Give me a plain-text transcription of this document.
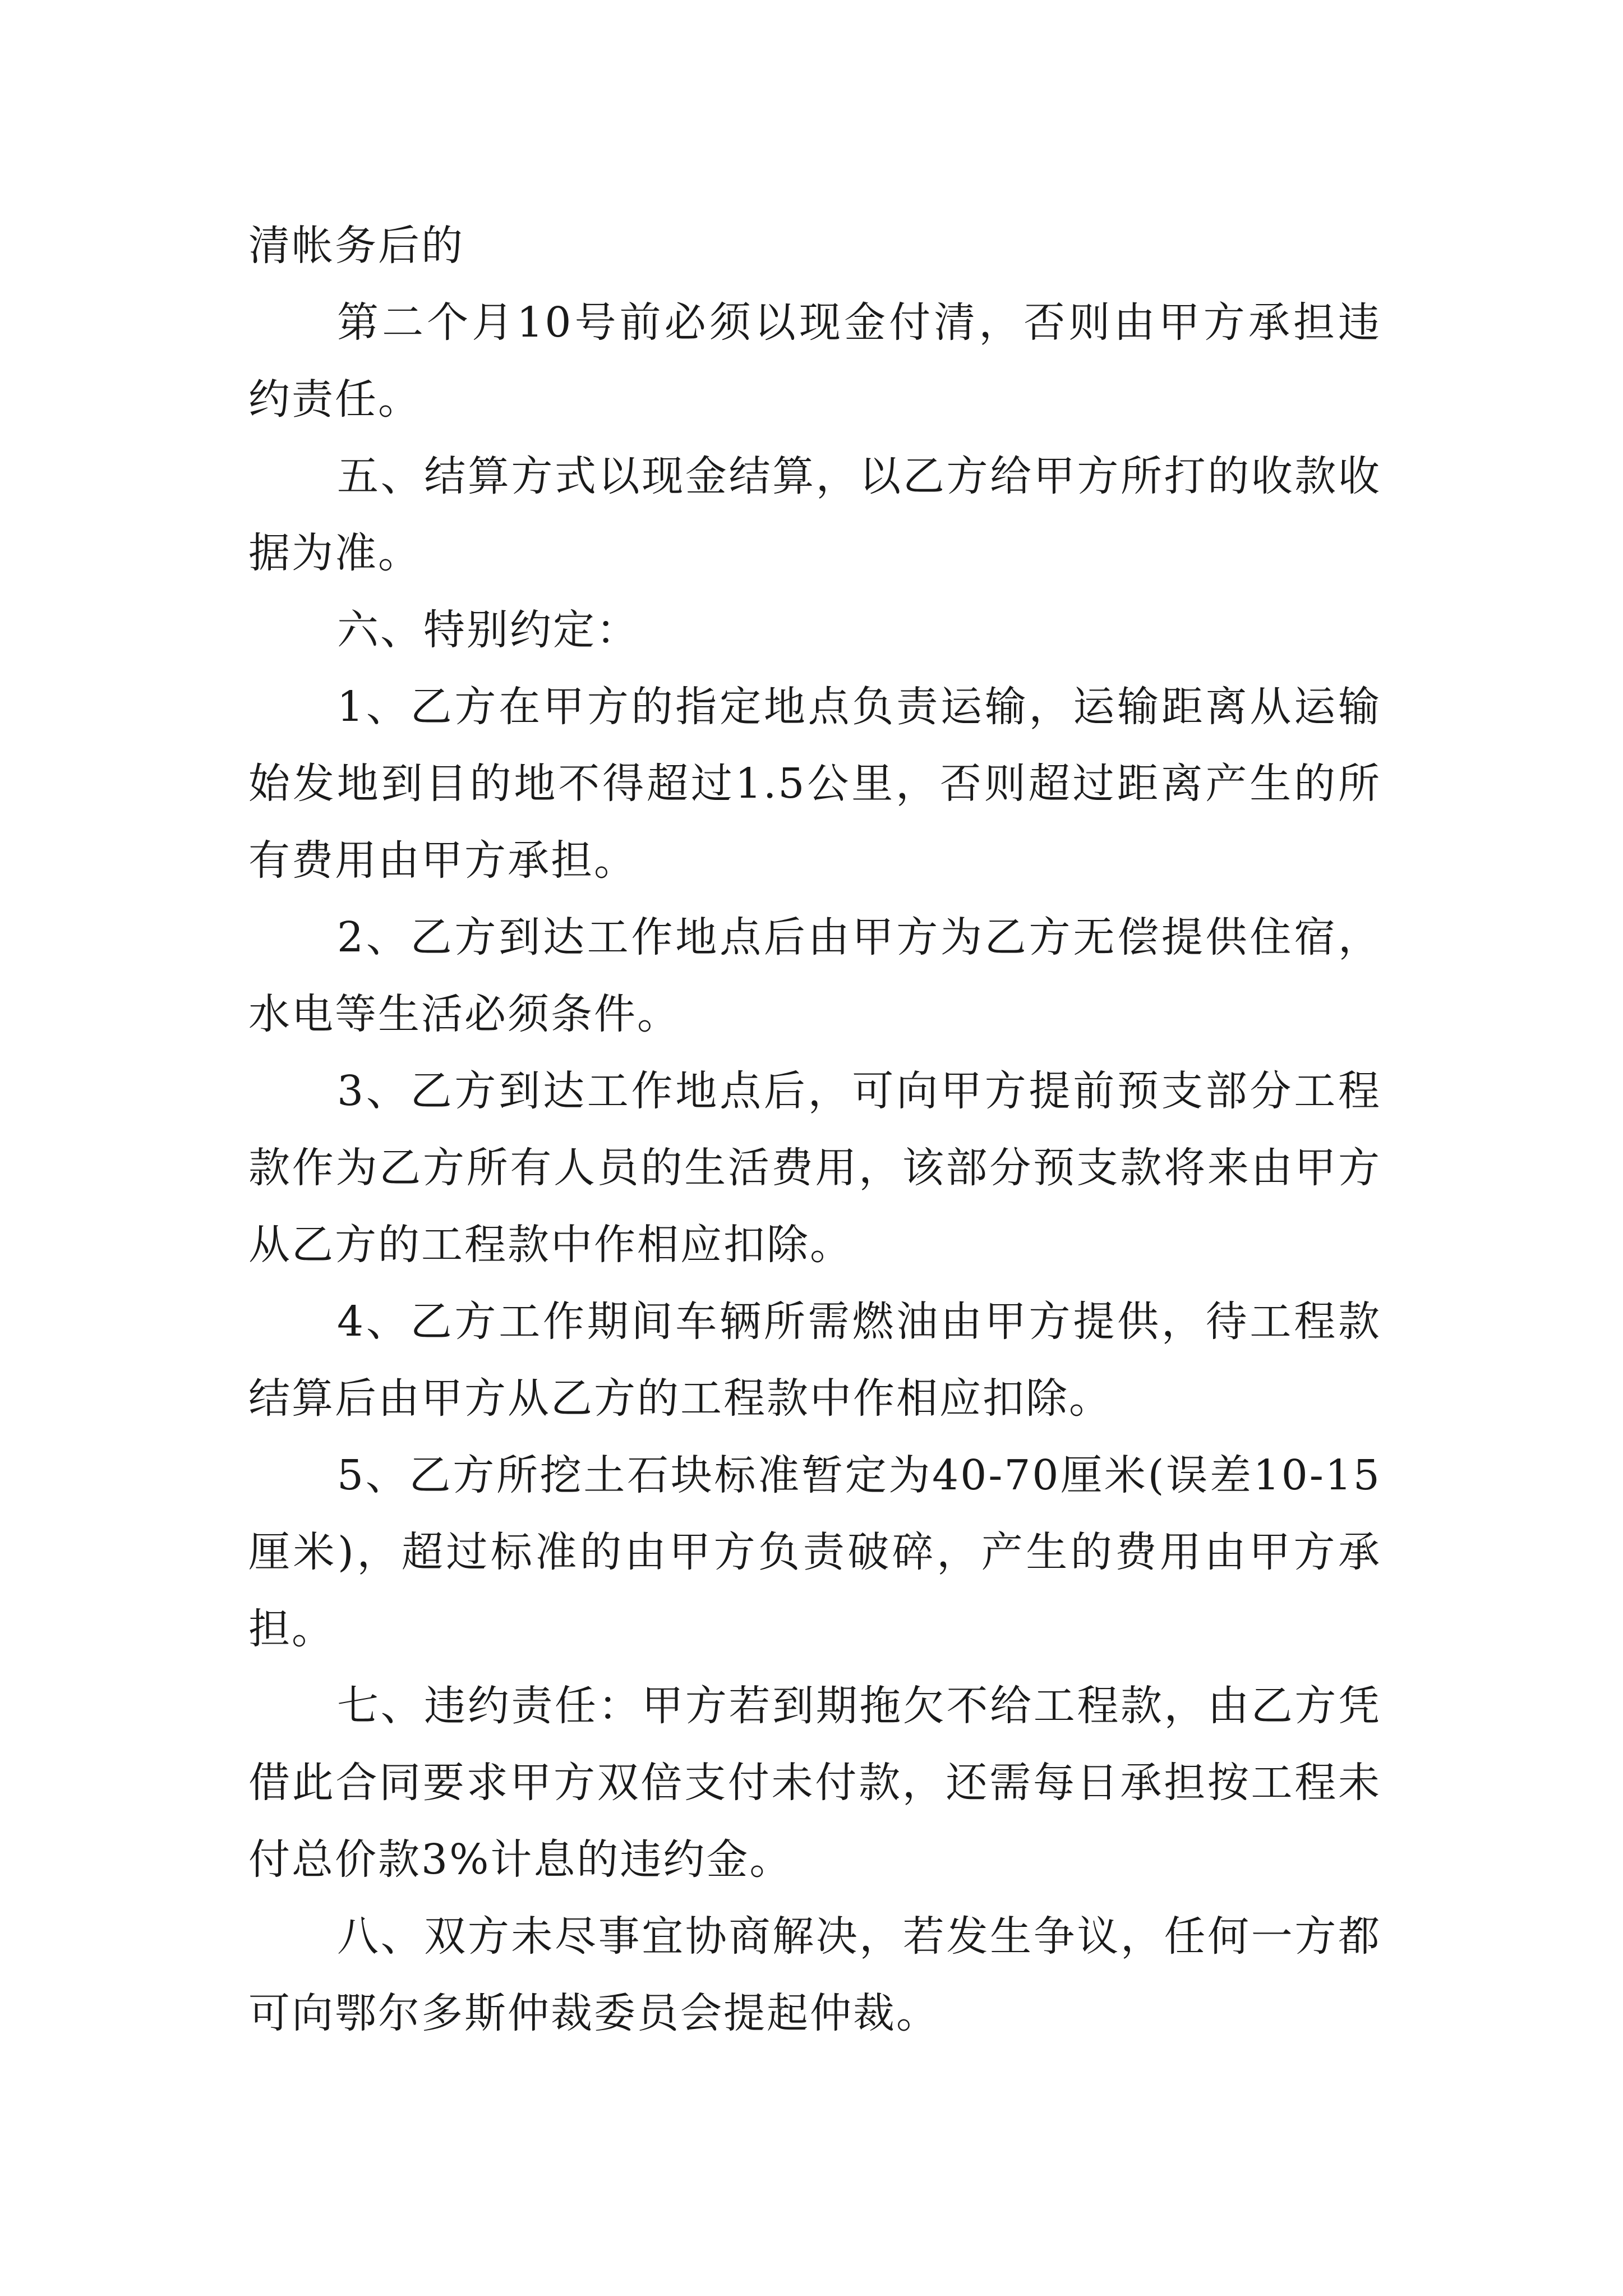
清帐务后的

第二个月10号前必须以现金付清，否则由甲方承担违约责任。

五、结算方式以现金结算，以乙方给甲方所打的收款收据为准。

六、特别约定：

1、乙方在甲方的指定地点负责运输，运输距离从运输始发地到目的地不得超过1.5公里，否则超过距离产生的所有费用由甲方承担。

2、乙方到达工作地点后由甲方为乙方无偿提供住宿，水电等生活必须条件。

3、乙方到达工作地点后，可向甲方提前预支部分工程款作为乙方所有人员的生活费用，该部分预支款将来由甲方从乙方的工程款中作相应扣除。

4、乙方工作期间车辆所需燃油由甲方提供，待工程款结算后由甲方从乙方的工程款中作相应扣除。

5、乙方所挖土石块标准暂定为40-70厘米(误差10-15厘米)，超过标准的由甲方负责破碎，产生的费用由甲方承担。

七、违约责任：甲方若到期拖欠不给工程款，由乙方凭借此合同要求甲方双倍支付未付款，还需每日承担按工程未付总价款3%计息的违约金。

八、双方未尽事宜协商解决，若发生争议，任何一方都可向鄂尔多斯仲裁委员会提起仲裁。
